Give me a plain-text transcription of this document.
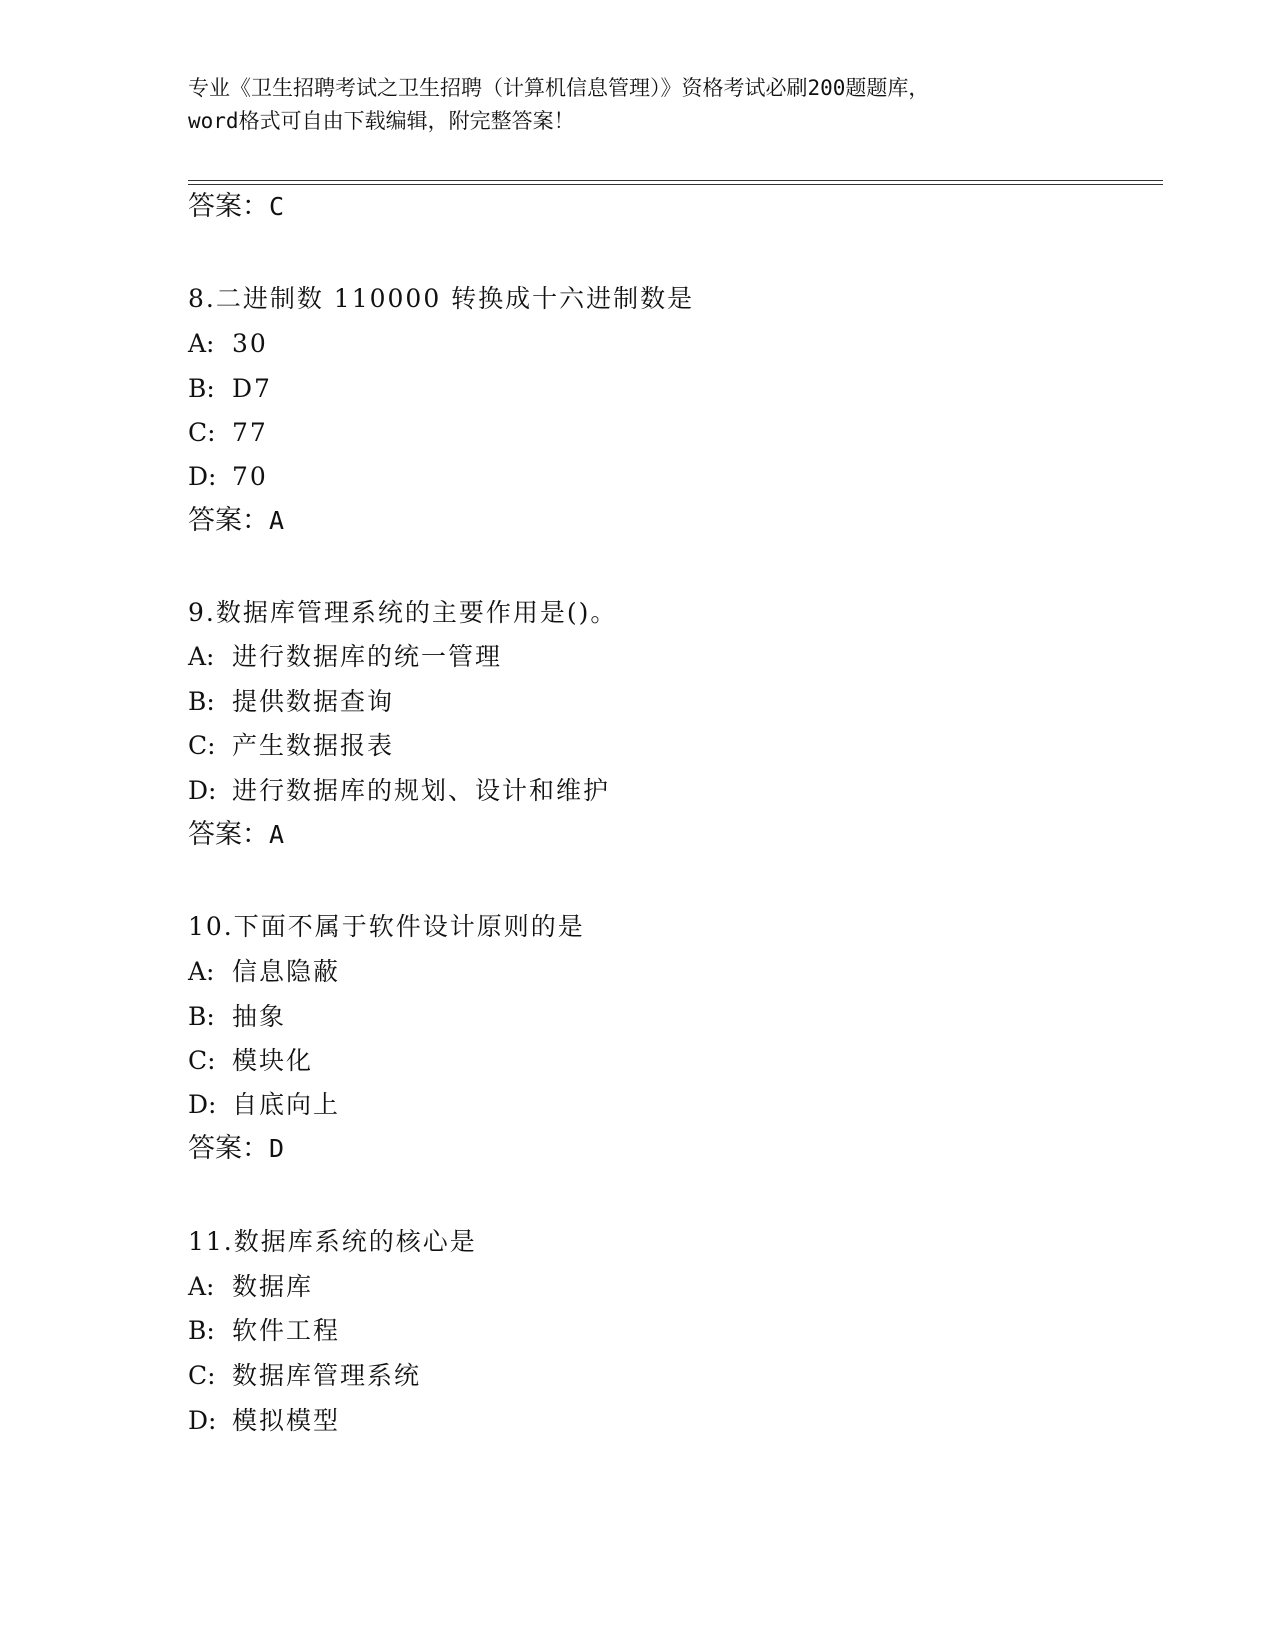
专业《卫生招聘考试之卫生招聘（计算机信息管理）》资格考试必刷200题题库，
word格式可自由下载编辑，附完整答案！
答案：C
8.二进制数 110000 转换成十六进制数是
A: 30
B: D7
C: 77
D: 70
答案：A
9.数据库管理系统的主要作用是()。
A: 进行数据库的统一管理
B: 提供数据查询
C: 产生数据报表
D: 进行数据库的规划、设计和维护
答案：A
10.下面不属于软件设计原则的是
A: 信息隐蔽
B: 抽象
C: 模块化
D: 自底向上
答案：D
11.数据库系统的核心是
A: 数据库
B: 软件工程
C: 数据库管理系统
D: 模拟模型
